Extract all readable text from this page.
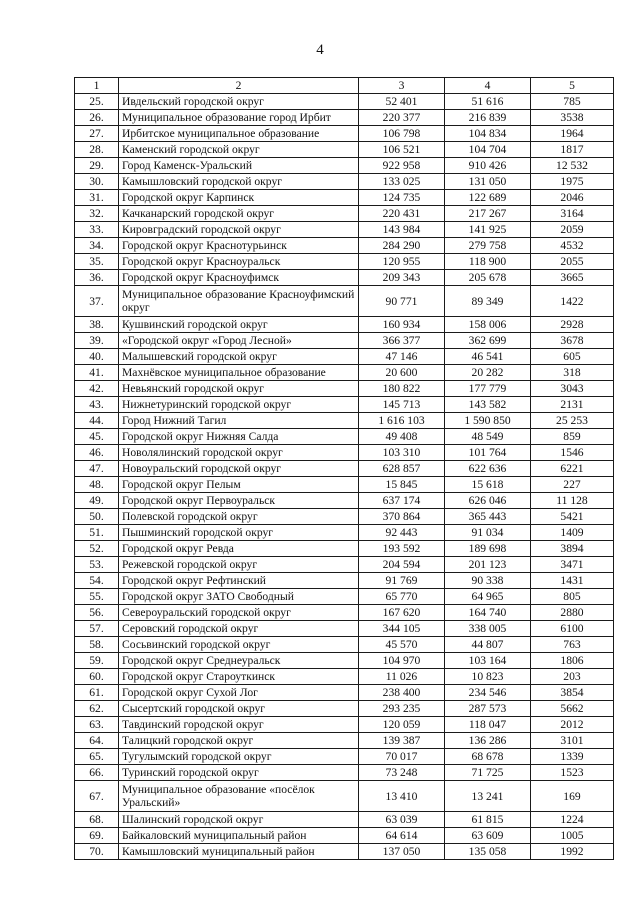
4
1	2	3	4	5
25.	Ивдельский городской округ	52 401	51 616	785
26.	Муниципальное образование город Ирбит	220 377	216 839	3538
27.	Ирбитское муниципальное образование	106 798	104 834	1964
28.	Каменский городской округ	106 521	104 704	1817
29.	Город Каменск-Уральский	922 958	910 426	12 532
30.	Камышловский городской округ	133 025	131 050	1975
31.	Городской округ Карпинск	124 735	122 689	2046
32.	Качканарский городской округ	220 431	217 267	3164
33.	Кировградский городской округ	143 984	141 925	2059
34.	Городской округ Краснотурьинск	284 290	279 758	4532
35.	Городской округ Красноуральск	120 955	118 900	2055
36.	Городской округ Красноуфимск	209 343	205 678	3665
37.	Муниципальное образование Красноуфимский округ	90 771	89 349	1422
38.	Кушвинский городской округ	160 934	158 006	2928
39.	«Городской округ «Город Лесной»	366 377	362 699	3678
40.	Малышевский городской округ	47 146	46 541	605
41.	Махнёвское муниципальное образование	20 600	20 282	318
42.	Невьянский городской округ	180 822	177 779	3043
43.	Нижнетуринский городской округ	145 713	143 582	2131
44.	Город Нижний Тагил	1 616 103	1 590 850	25 253
45.	Городской округ Нижняя Салда	49 408	48 549	859
46.	Новолялинский городской округ	103 310	101 764	1546
47.	Новоуральский городской округ	628 857	622 636	6221
48.	Городской округ Пелым	15 845	15 618	227
49.	Городской округ Первоуральск	637 174	626 046	11 128
50.	Полевской городской округ	370 864	365 443	5421
51.	Пышминский городской округ	92 443	91 034	1409
52.	Городской округ Ревда	193 592	189 698	3894
53.	Режевской городской округ	204 594	201 123	3471
54.	Городской округ Рефтинский	91 769	90 338	1431
55.	Городской округ ЗАТО Свободный	65 770	64 965	805
56.	Североуральский городской округ	167 620	164 740	2880
57.	Серовский городской округ	344 105	338 005	6100
58.	Сосьвинский городской округ	45 570	44 807	763
59.	Городской округ Среднеуральск	104 970	103 164	1806
60.	Городской округ Староуткинск	11 026	10 823	203
61.	Городской округ Сухой Лог	238 400	234 546	3854
62.	Сысертский городской округ	293 235	287 573	5662
63.	Тавдинский городской округ	120 059	118 047	2012
64.	Талицкий городской округ	139 387	136 286	3101
65.	Тугулымский городской округ	70 017	68 678	1339
66.	Туринский городской округ	73 248	71 725	1523
67.	Муниципальное образование «посёлок Уральский»	13 410	13 241	169
68.	Шалинский городской округ	63 039	61 815	1224
69.	Байкаловский муниципальный район	64 614	63 609	1005
70.	Камышловский муниципальный район	137 050	135 058	1992
